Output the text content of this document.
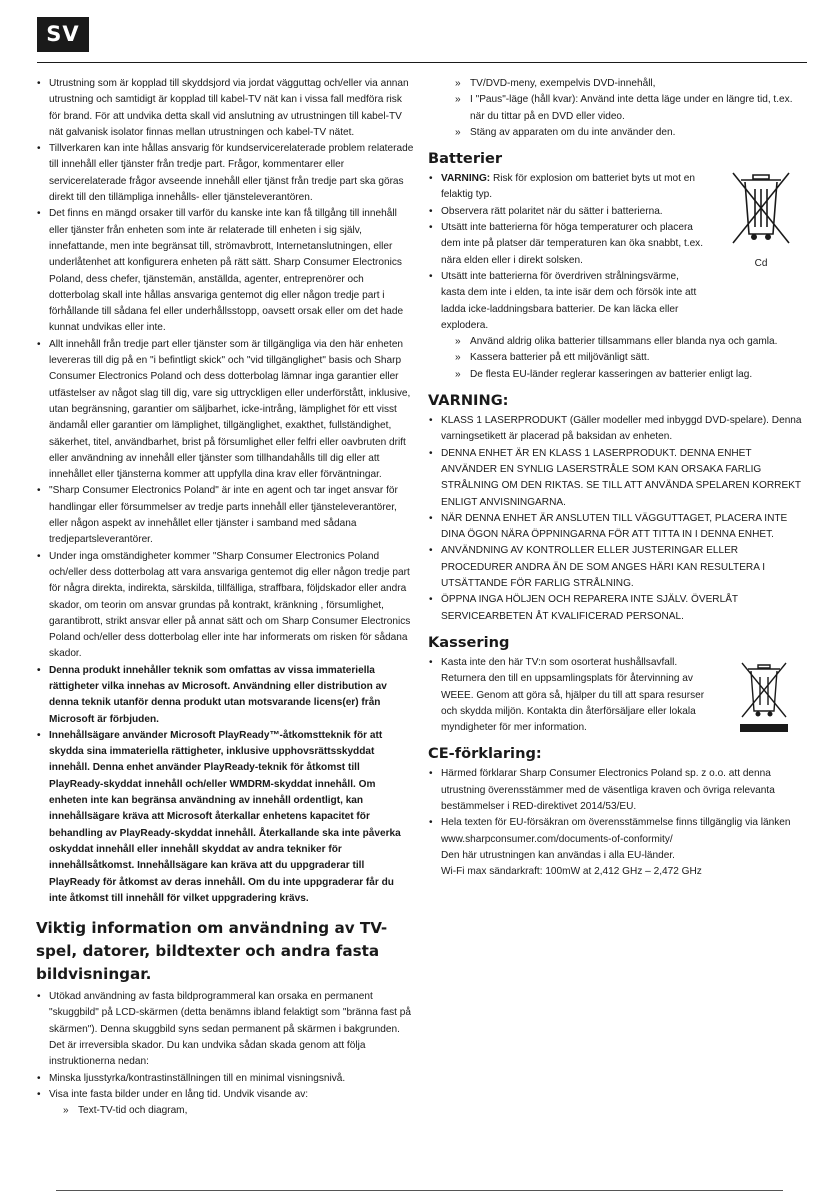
SV
• Utrustning som är kopplad till skyddsjord via jordat vägguttag och/eller via annan utrustning och samtidigt är kopplad till kabel-TV nät kan i vissa fall medföra risk för brand. För att undvika detta skall vid anslutning av utrustningen till kabel-TV nät galvanisk isolator finnas mellan utrustningen och kabel-TV nätet.
• Tillverkaren kan inte hållas ansvarig för kundservicerelaterade problem relaterade till innehåll eller tjänster från tredje part. Frågor, kommentarer eller servicerelaterade frågor avseende innehåll eller tjänst från tredje part ska göras direkt till den tillämpliga innehålls- eller tjänsteleverantören.
• Det finns en mängd orsaker till varför du kanske inte kan få tillgång till innehåll eller tjänster från enheten som inte är relaterade till enheten i sig själv, innefattande, men inte begränsat till, strömavbrott, Internetanslutningen, eller underlåtenhet att konfigurera enheten på rätt sätt. Sharp Consumer Electronics Poland, dess chefer, tjänstemän, anställda, agenter, entreprenörer och dotterbolag skall inte hållas ansvariga gentemot dig eller någon tredje part i förhållande till sådana fel eller underhållsstopp, oavsett orsak eller om det hade kunnat undvikas eller inte.
• Allt innehåll från tredje part eller tjänster som är tillgängliga via den här enheten levereras till dig på en "i befintligt skick" och "vid tillgänglighet" basis och Sharp Consumer Electronics Poland och dess dotterbolag lämnar inga garantier eller utfästelser av något slag till dig, vare sig uttryckligen eller underförstått, inklusive, utan begränsning, garantier om säljbarhet, icke-intrång, lämplighet för ett visst ändamål eller garantier om lämplighet, tillgänglighet, exakthet, fullständighet, säkerhet, titel, användbarhet, brist på försumlighet eller felfri eller oavbruten drift eller användning av innehåll eller tjänster som tillhandahålls till dig eller att innehållet eller tjänsterna kommer att uppfylla dina krav eller förväntningar.
• "Sharp Consumer Electronics Poland" är inte en agent och tar inget ansvar för handlingar eller försummelser av tredje parts innehåll eller tjänsteleverantörer, eller någon aspekt av innehållet eller tjänster i samband med sådana tredjepartsleverantörer.
• Under inga omständigheter kommer "Sharp Consumer Electronics Poland och/eller dess dotterbolag att vara ansvariga gentemot dig eller någon tredje part för några direkta, indirekta, särskilda, tillfälliga, straffbara, följdskador eller andra skador, om teorin om ansvar grundas på kontrakt, kränkning , försumlighet, garantibrott, strikt ansvar eller på annat sätt och om Sharp Consumer Electronics Poland och/eller dess dotterbolag eller inte har informerats om risken för sådana skador.
• Denna produkt innehåller teknik som omfattas av vissa immateriella rättigheter vilka innehas av Microsoft. Användning eller distribution av denna teknik utanför denna produkt utan motsvarande licens(er) från Microsoft är förbjuden.
• Innehållsägare använder Microsoft PlayReady™-åtkomstteknik för att skydda sina immateriella rättigheter, inklusive upphovsrättsskyddat innehåll. Denna enhet använder PlayReady-teknik för åtkomst till PlayReady-skyddat innehåll och/eller WMDRM-skyddat innehåll. Om enheten inte kan begränsa användning av innehåll ordentligt, kan innehållsägare kräva att Microsoft återkallar enhetens kapacitet för behandling av PlayReady-skyddat innehåll. Återkallande ska inte påverka oskyddat innehåll eller innehåll skyddat av andra tekniker för innehållsåtkomst. Innehållsägare kan kräva att du uppgraderar till PlayReady för åtkomst av deras innehåll. Om du inte uppgraderar får du inte åtkomst till innehåll för vilket uppgradering krävs.
Viktig information om användning av TV-spel, datorer, bildtexter och andra fasta bildvisningar.
• Utökad användning av fasta bildprogrammeral kan orsaka en permanent "skuggbild" på LCD-skärmen (detta benämns ibland felaktigt som "bränna fast på skärmen"). Denna skuggbild syns sedan permanent på skärmen i bakgrunden. Det är irreversibla skador. Du kan undvika sådan skada genom att följa instruktionerna nedan:
• Minska ljusstyrka/kontrastinställningen till en minimal visningsnivå.
• Visa inte fasta bilder under en lång tid. Undvik visande av:
» Text-TV-tid och diagram,
» TV/DVD-meny, exempelvis DVD-innehåll,
» I "Paus"-läge (håll kvar): Använd inte detta läge under en längre tid, t.ex. när du tittar på en DVD eller video.
» Stäng av apparaten om du inte använder den.
Batterier
Cd
• VARNING: Risk för explosion om batteriet byts ut mot en felaktig typ.
• Observera rätt polaritet när du sätter i batterierna.
• Utsätt inte batterierna för höga temperaturer och placera dem inte på platser där temperaturen kan öka snabbt, t.ex. nära elden eller i direkt solsken.
• Utsätt inte batterierna för överdriven strålningsvärme, kasta dem inte i elden, ta inte isär dem och försök inte att ladda icke-laddningsbara batterier. De kan läcka eller explodera.
» Använd aldrig olika batterier tillsammans eller blanda nya och gamla.
» Kassera batterier på ett miljövänligt sätt.
» De flesta EU-länder reglerar kasseringen av batterier enligt lag.
VARNING:
• KLASS 1 LASERPRODUKT (Gäller modeller med inbyggd DVD-spelare). Denna varningsetikett är placerad på baksidan av enheten.
• DENNA ENHET ÄR EN KLASS 1 LASERPRODUKT. DENNA ENHET ANVÄNDER EN SYNLIG LASERSTRÅLE SOM KAN ORSAKA FARLIG STRÅLNING OM DEN RIKTAS. SE TILL ATT ANVÄNDA SPELAREN KORREKT ENLIGT ANVISNINGARNA.
• NÄR DENNA ENHET ÄR ANSLUTEN TILL VÄGGUTTAGET, PLACERA INTE DINA ÖGON NÄRA ÖPPNINGARNA FÖR ATT TITTA IN I DENNA ENHET.
• ANVÄNDNING AV KONTROLLER ELLER JUSTERINGAR ELLER PROCEDURER ANDRA ÄN DE SOM ANGES HÄRI KAN RESULTERA I UTSÄTTANDE FÖR FARLIG STRÅLNING.
• ÖPPNA INGA HÖLJEN OCH REPARERA INTE SJÄLV. ÖVERLÅT SERVICEARBETEN ÅT KVALIFICERAD PERSONAL.
Kassering
• Kasta inte den här TV:n som osorterat hushållsavfall. Returnera den till en uppsamlingsplats för återvinning av WEEE. Genom att göra så, hjälper du till att spara resurser och skydda miljön. Kontakta din återförsäljare eller lokala myndigheter för mer information.
CE-förklaring:
• Härmed förklarar Sharp Consumer Electronics Poland sp. z o.o. att denna utrustning överensstämmer med de väsentliga kraven och övriga relevanta bestämmelser i RED-direktivet 2014/53/EU.
• Hela texten för EU-försäkran om överensstämmelse finns tillgänglig via länken www.sharpconsumer.com/documents-of-conformity/
Den här utrustningen kan användas i alla EU-länder.
Wi-Fi max sändarkraft: 100mW at 2,412 GHz – 2,472 GHz
